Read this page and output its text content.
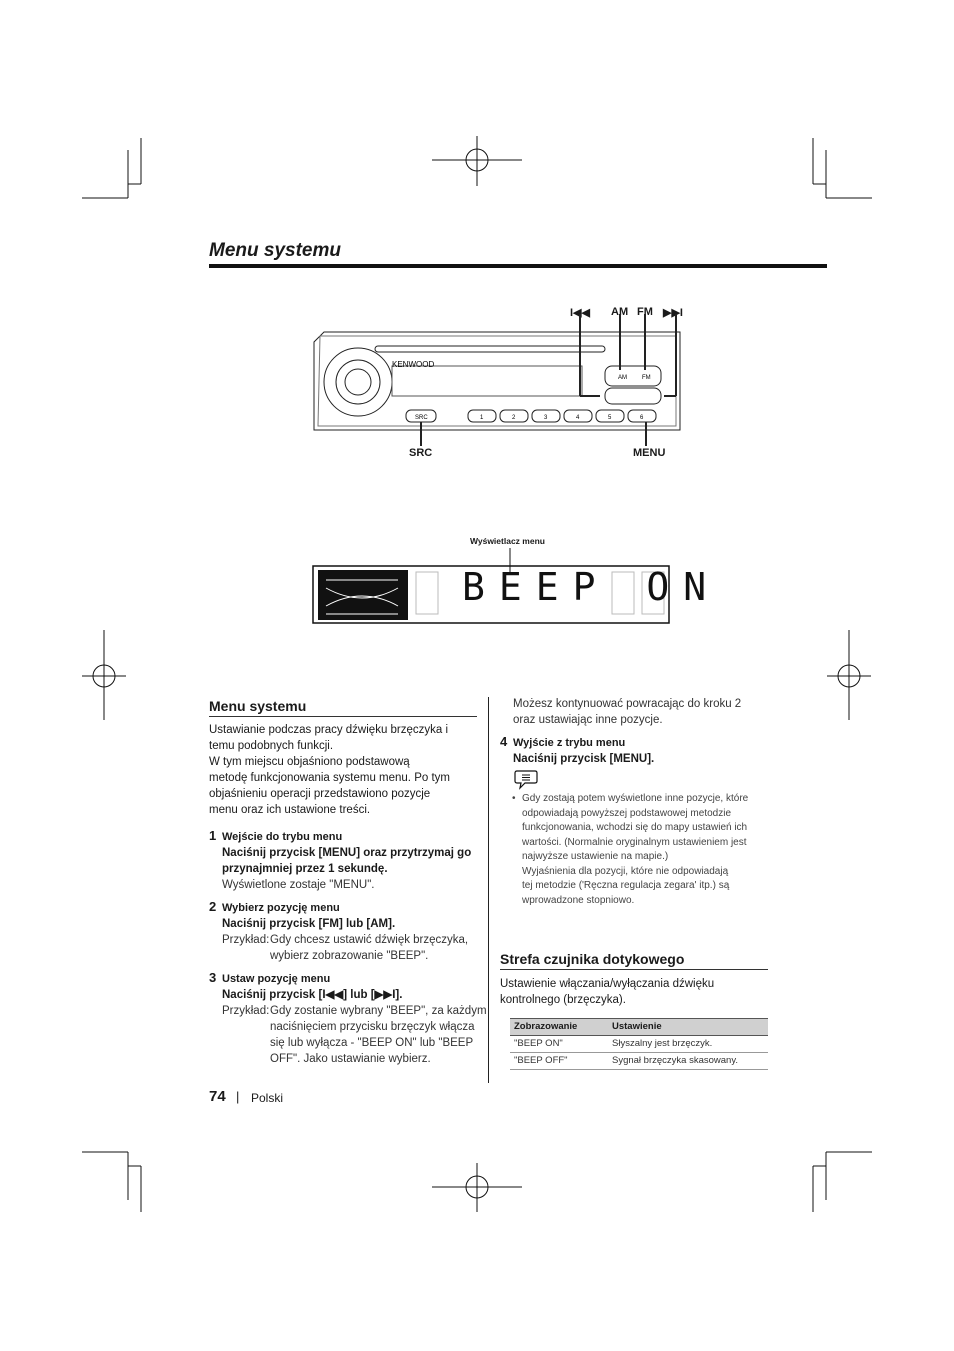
Menu systemu
I◀◀ AM FM ▶▶I
SRC	MENU
KENWOOD
AM	FM
SRC	1	2	3	4	5	6
Wyświetlacz menu
BEEP ON
Menu systemu
Ustawianie podczas pracy dźwięku brzęczyka i
temu podobnych funkcji.
W tym miejscu objaśniono podstawową
metodę funkcjonowania systemu menu. Po tym
objaśnieniu operacji przedstawiono pozycje
menu oraz ich ustawione treści.
1 Wejście do trybu menu
Naciśnij przycisk [MENU] oraz przytrzymaj go
przynajmniej przez 1 sekundę.
Wyświetlone zostaje "MENU".
2 Wybierz pozycję menu
Naciśnij przycisk [FM] lub [AM].
Przykład: Gdy chcesz ustawić dźwięk brzęczyka,
wybierz zobrazowanie "BEEP".
3 Ustaw pozycję menu
Naciśnij przycisk [I◀◀] lub [▶▶I].
Przykład: Gdy zostanie wybrany "BEEP", za każdym
naciśnięciem przycisku brzęczyk włącza
się lub wyłącza - "BEEP ON" lub "BEEP
OFF". Jako ustawianie wybierz.
Możesz kontynuować powracając do kroku 2
oraz ustawiając inne pozycje.
4 Wyjście z trybu menu
Naciśnij przycisk [MENU].
• Gdy zostają potem wyświetlone inne pozycje, które
odpowiadają powyższej podstawowej metodzie
funkcjonowania, wchodzi się do mapy ustawień ich
wartości. (Normalnie oryginalnym ustawieniem jest
najwyższe ustawienie na mapie.)
Wyjaśnienia dla pozycji, które nie odpowiadają
tej metodzie ('Ręczna regulacja zegara' itp.) są
wprowadzone stopniowo.
Strefa czujnika dotykowego
Ustawienie włączania/wyłączania dźwięku
kontrolnego (brzęczyka).
Zobrazowanie	Ustawienie
"BEEP ON"	Słyszalny jest brzęczyk.
"BEEP OFF"	Sygnał brzęczyka skasowany.
74 | Polski
